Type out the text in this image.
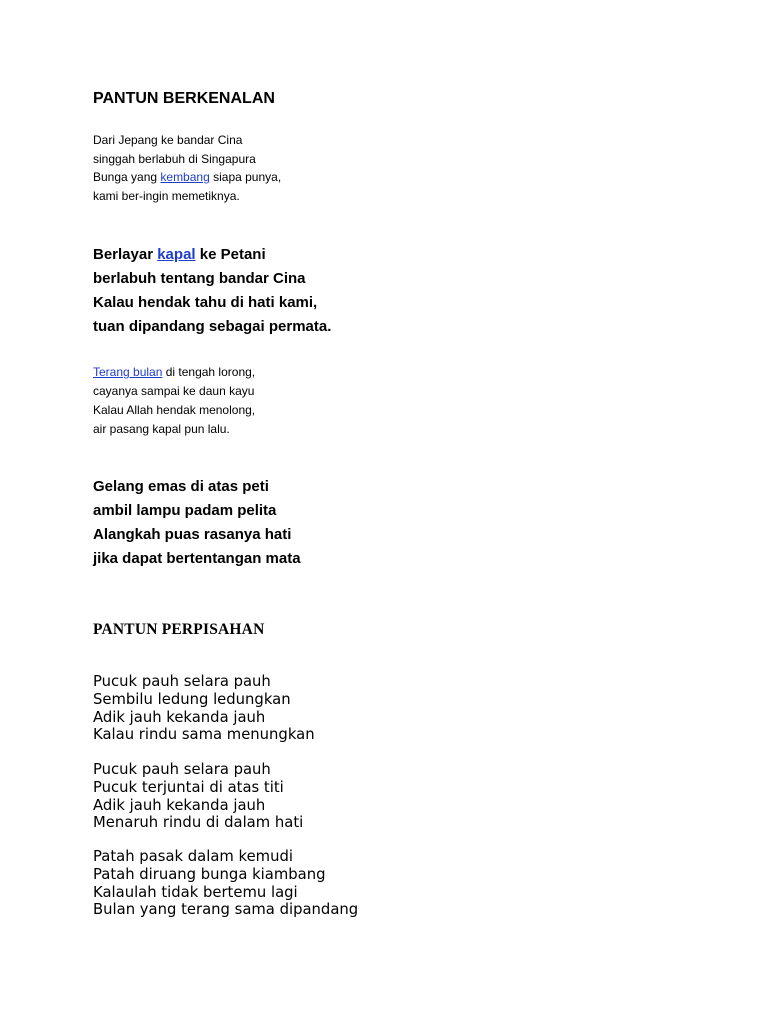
PANTUN BERKENALAN
Dari Jepang ke bandar Cina
singgah berlabuh di Singapura
Bunga yang kembang siapa punya,
kami ber-ingin memetiknya.
Berlayar kapal ke Petani
berlabuh tentang bandar Cina
Kalau hendak tahu di hati kami,
tuan dipandang sebagai permata.
Terang bulan di tengah lorong,
cayanya sampai ke daun kayu
Kalau Allah hendak menolong,
air pasang kapal pun lalu.
Gelang emas di atas peti
ambil lampu padam pelita
Alangkah puas rasanya hati
jika dapat bertentangan mata
PANTUN PERPISAHAN
Pucuk pauh selara pauh
Sembilu ledung ledungkan
Adik jauh kekanda jauh
Kalau rindu sama menungkan
Pucuk pauh selara pauh
Pucuk terjuntai di atas titi
Adik jauh kekanda jauh
Menaruh rindu di dalam hati
Patah pasak dalam kemudi
Patah diruang bunga kiambang
Kalaulah tidak bertemu lagi
Bulan yang terang sama dipandang
